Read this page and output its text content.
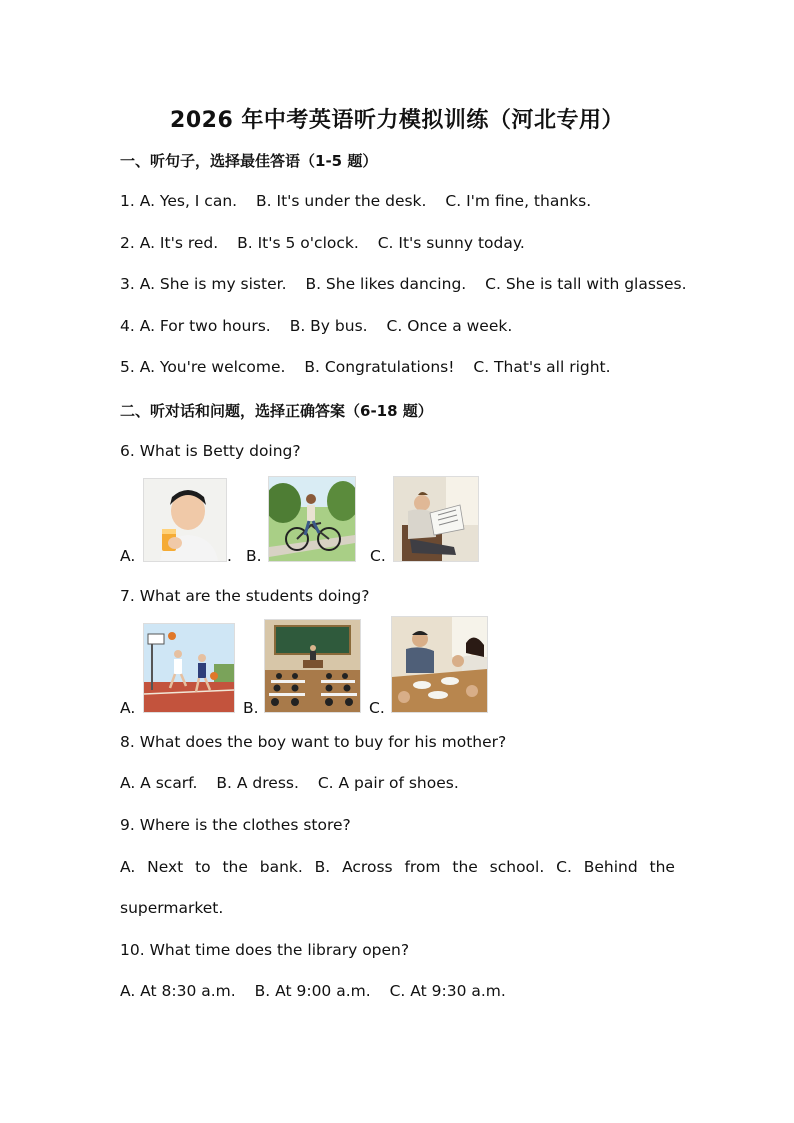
2026 年中考英语听力模拟训练（河北专用）
一、听句子，选择最佳答语（1-5 题）
1. A. Yes, I can. B. It's under the desk. C. I'm fine, thanks.
2. A. It's red. B. It's 5 o'clock. C. It's sunny today.
3. A. She is my sister. B. She likes dancing. C. She is tall with glasses.
4. A. For two hours. B. By bus. C. Once a week.
5. A. You're welcome. B. Congratulations! C. That's all right.
二、听对话和问题，选择正确答案（6-18 题）
6. What is Betty doing?
A.	. B.	C.
7. What are the students doing?
A.	B.	C.
8. What does the boy want to buy for his mother?
A. A scarf. B. A dress. C. A pair of shoes.
9. Where is the clothes store?
A. Next to the bank. B. Across from the school. C. Behind the
supermarket.
10. What time does the library open?
A. At 8:30 a.m. B. At 9:00 a.m. C. At 9:30 a.m.
